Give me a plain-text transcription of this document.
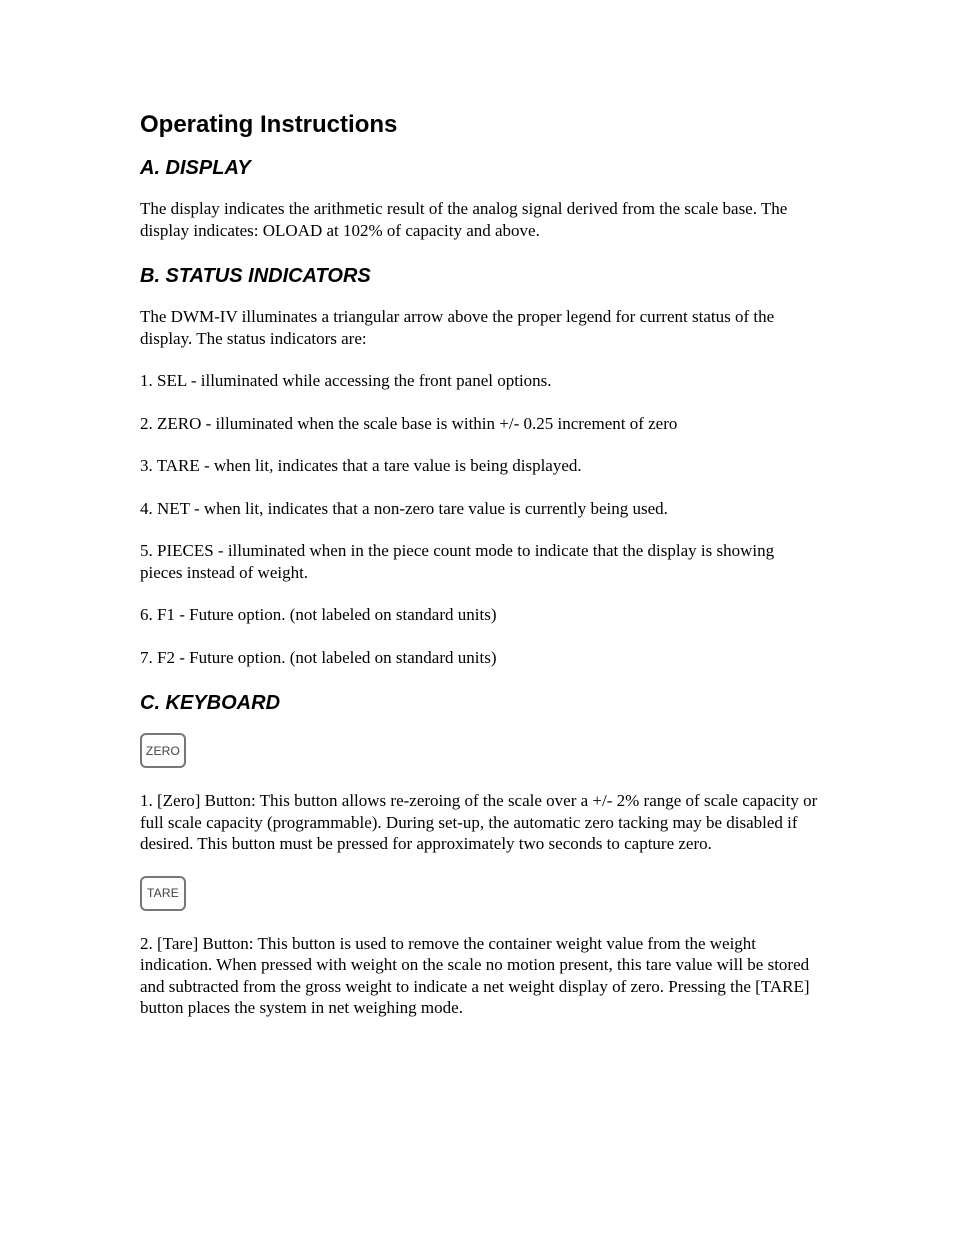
Operating Instructions
A. DISPLAY

The display indicates the arithmetic result of the analog signal derived from the scale base. The display indicates: OLOAD at 102% of capacity and above.

B. STATUS INDICATORS

The DWM-IV illuminates a triangular arrow above the proper legend for current status of the display. The status indicators are:

1. SEL - illuminated while accessing the front panel options.

2. ZERO - illuminated when the scale base is within +/- 0.25 increment of zero

3. TARE - when lit, indicates that a tare value is being displayed.

4. NET - when lit, indicates that a non-zero tare value is currently being used.

5. PIECES - illuminated when in the piece count mode to indicate that the display is showing pieces instead of weight.

6. F1 - Future option. (not labeled on standard units)

7. F2 - Future option. (not labeled on standard units)

C. KEYBOARD
ZERO

1. [Zero] Button: This button allows re-zeroing of the scale over a +/- 2% range of scale capacity or full scale capacity (programmable). During set-up, the automatic zero tacking may be disabled if desired. This button must be pressed for approximately two seconds to capture zero.

TARE

2. [Tare] Button: This button is used to remove the container weight value from the weight indication. When pressed with weight on the scale no motion present, this tare value will be stored and subtracted from the gross weight to indicate a net weight display of zero. Pressing the [TARE] button places the system in net weighing mode.
